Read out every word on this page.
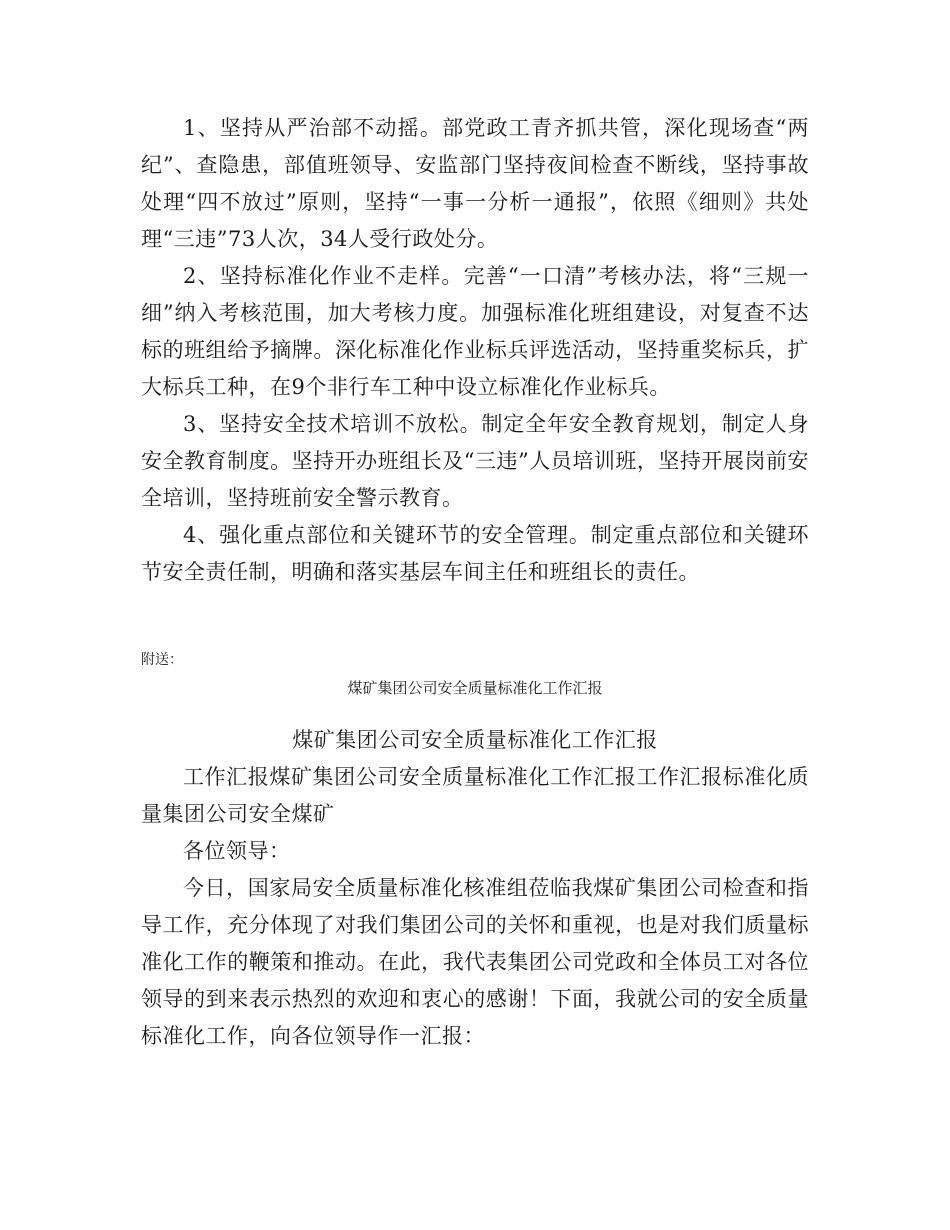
1、坚持从严治部不动摇。部党政工青齐抓共管，深化现场查“两纪”、查隐患，部值班领导、安监部门坚持夜间检查不断线，坚持事故处理“四不放过”原则，坚持“一事一分析一通报”，依照《细则》共处理“三违”73人次，34人受行政处分。

2、坚持标准化作业不走样。完善“一口清”考核办法，将“三规一细”纳入考核范围，加大考核力度。加强标准化班组建设，对复查不达标的班组给予摘牌。深化标准化作业标兵评选活动，坚持重奖标兵，扩大标兵工种，在9个非行车工种中设立标准化作业标兵。

3、坚持安全技术培训不放松。制定全年安全教育规划，制定人身安全教育制度。坚持开办班组长及“三违”人员培训班，坚持开展岗前安全培训，坚持班前安全警示教育。

4、强化重点部位和关键环节的安全管理。制定重点部位和关键环节安全责任制，明确和落实基层车间主任和班组长的责任。

附送：

煤矿集团公司安全质量标准化工作汇报

煤矿集团公司安全质量标准化工作汇报

工作汇报煤矿集团公司安全质量标准化工作汇报工作汇报标准化质量集团公司安全煤矿

各位领导：

今日，国家局安全质量标准化核准组莅临我煤矿集团公司检查和指导工作，充分体现了对我们集团公司的关怀和重视，也是对我们质量标准化工作的鞭策和推动。在此，我代表集团公司党政和全体员工对各位领导的到来表示热烈的欢迎和衷心的感谢！下面，我就公司的安全质量标准化工作，向各位领导作一汇报：
